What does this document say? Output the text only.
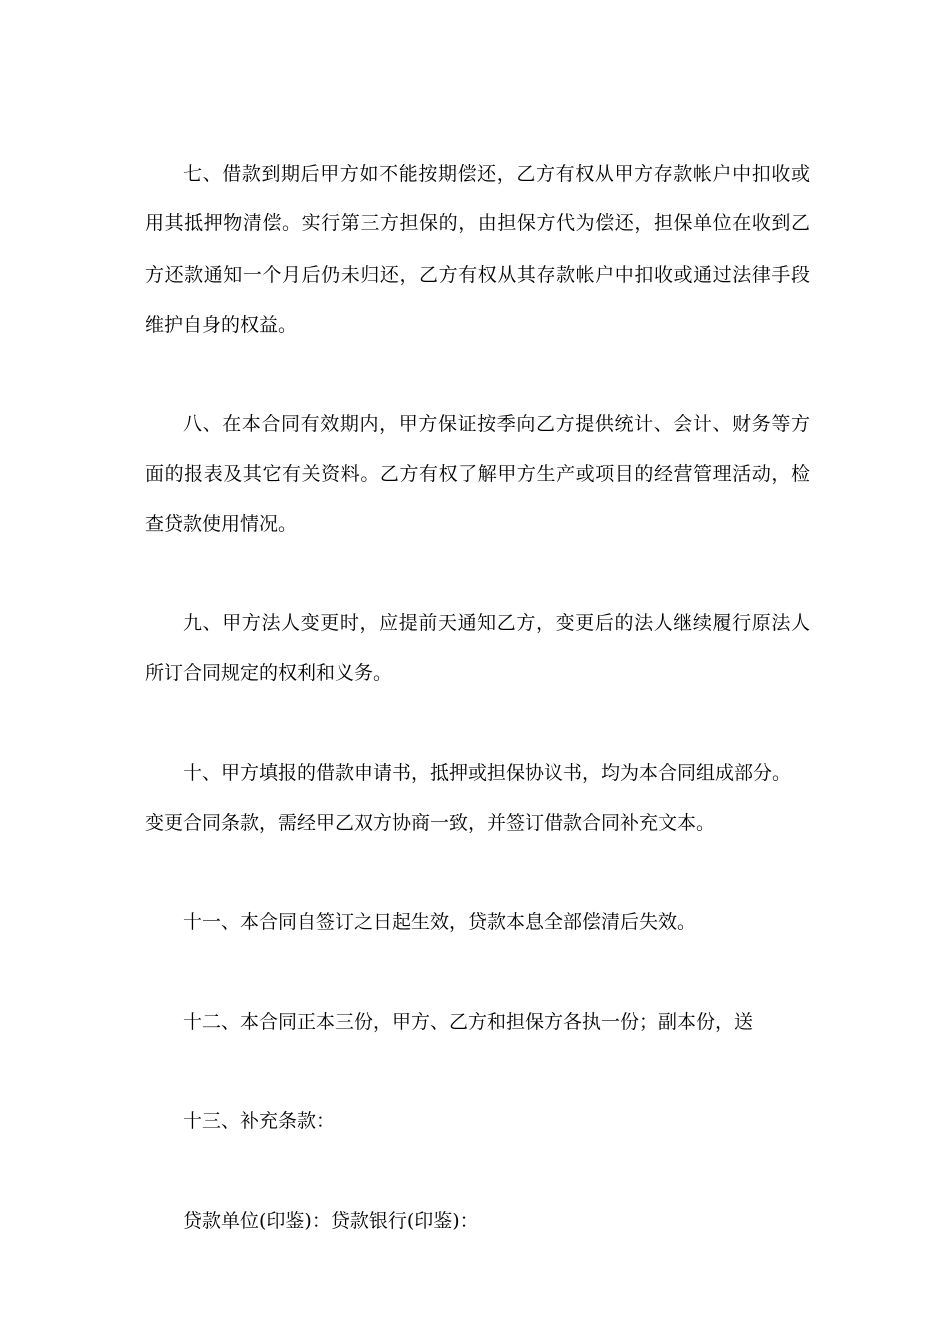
七、借款到期后甲方如不能按期偿还，乙方有权从甲方存款帐户中扣收或
用其抵押物清偿。实行第三方担保的，由担保方代为偿还，担保单位在收到乙
方还款通知一个月后仍未归还，乙方有权从其存款帐户中扣收或通过法律手段
维护自身的权益。
八、在本合同有效期内，甲方保证按季向乙方提供统计、会计、财务等方
面的报表及其它有关资料。乙方有权了解甲方生产或项目的经营管理活动，检
查贷款使用情况。
九、甲方法人变更时，应提前天通知乙方，变更后的法人继续履行原法人
所订合同规定的权利和义务。
十、甲方填报的借款申请书，抵押或担保协议书，均为本合同组成部分。
变更合同条款，需经甲乙双方协商一致，并签订借款合同补充文本。
十一、本合同自签订之日起生效，贷款本息全部偿清后失效。
十二、本合同正本三份，甲方、乙方和担保方各执一份；副本份，送
十三、补充条款：
贷款单位(印鉴)：贷款银行(印鉴)：
